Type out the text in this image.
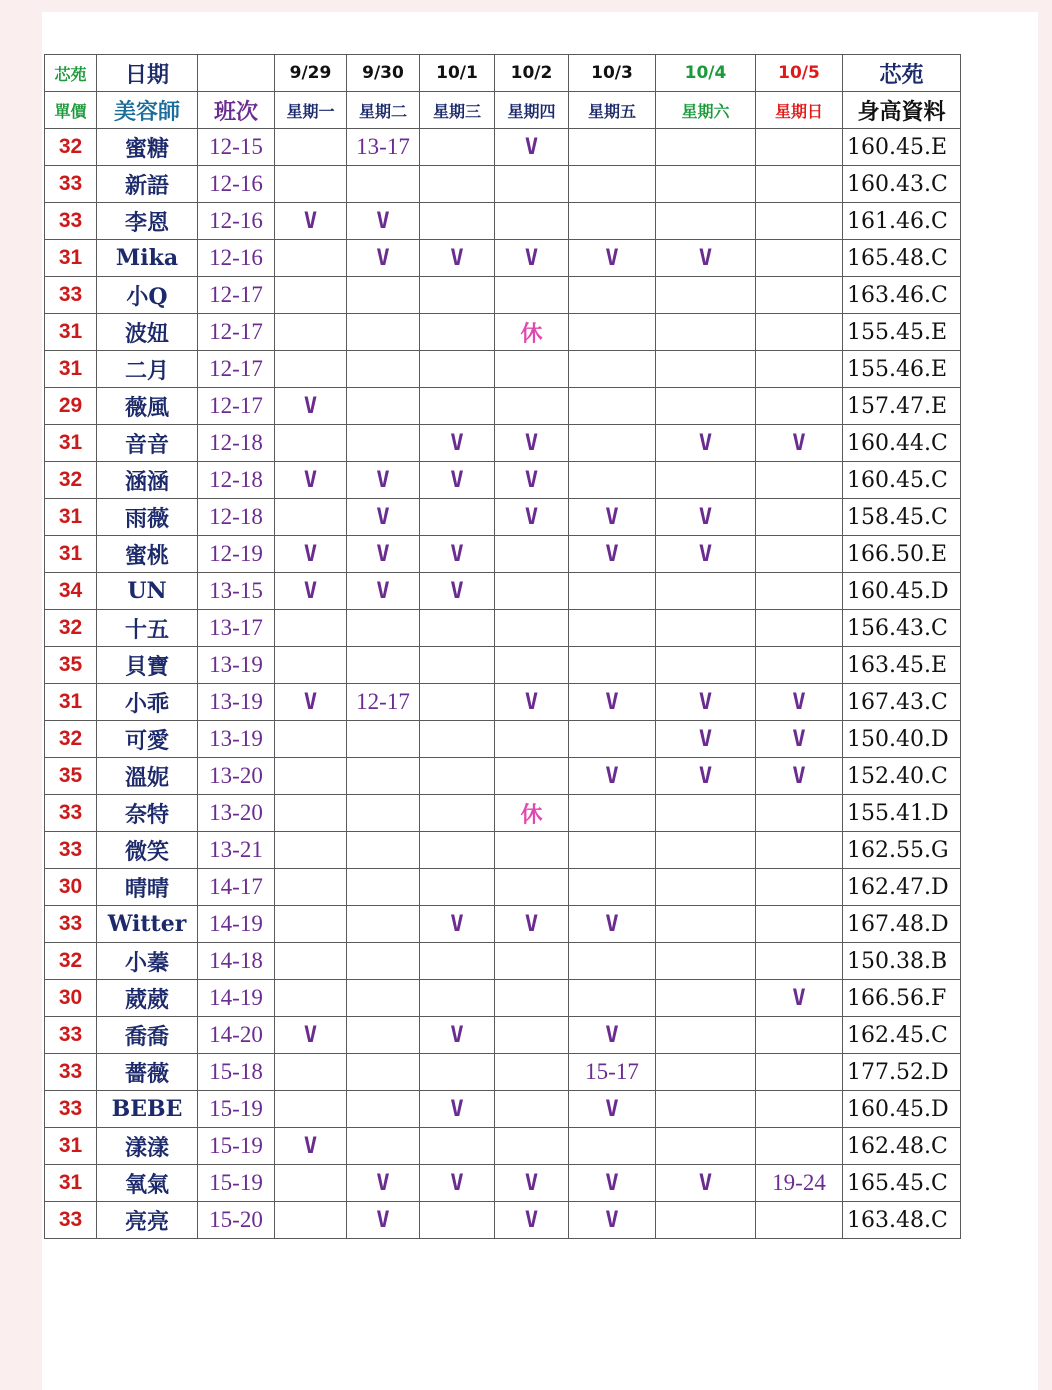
芯苑	日期		9/29	9/30	10/1	10/2	10/3	10/4	10/5	芯苑
單價	美容師	班次	星期一	星期二	星期三	星期四	星期五	星期六	星期日	身高資料
32	蜜糖	12-15		13-17		V				160.45.E
33	新語	12-16								160.43.C
33	李恩	12-16	V	V						161.46.C
31	Mika	12-16		V	V	V	V	V		165.48.C
33	小Q	12-17								163.46.C
31	波妞	12-17				休				155.45.E
31	二月	12-17								155.46.E
29	薇風	12-17	V							157.47.E
31	音音	12-18			V	V		V	V	160.44.C
32	涵涵	12-18	V	V	V	V				160.45.C
31	雨薇	12-18		V		V	V	V		158.45.C
31	蜜桃	12-19	V	V	V		V	V		166.50.E
34	UN	13-15	V	V	V					160.45.D
32	十五	13-17								156.43.C
35	貝寶	13-19								163.45.E
31	小乖	13-19	V	12-17		V	V	V	V	167.43.C
32	可愛	13-19						V	V	150.40.D
35	溫妮	13-20					V	V	V	152.40.C
33	奈特	13-20				休				155.41.D
33	微笑	13-21								162.55.G
30	晴晴	14-17								162.47.D
33	Witter	14-19			V	V	V			167.48.D
32	小蓁	14-18								150.38.B
30	葳葳	14-19							V	166.56.F
33	喬喬	14-20	V		V		V			162.45.C
33	薔薇	15-18					15-17			177.52.D
33	BEBE	15-19			V		V			160.45.D
31	漾漾	15-19	V							162.48.C
31	氧氣	15-19		V	V	V	V	V	19-24	165.45.C
33	亮亮	15-20		V		V	V			163.48.C
